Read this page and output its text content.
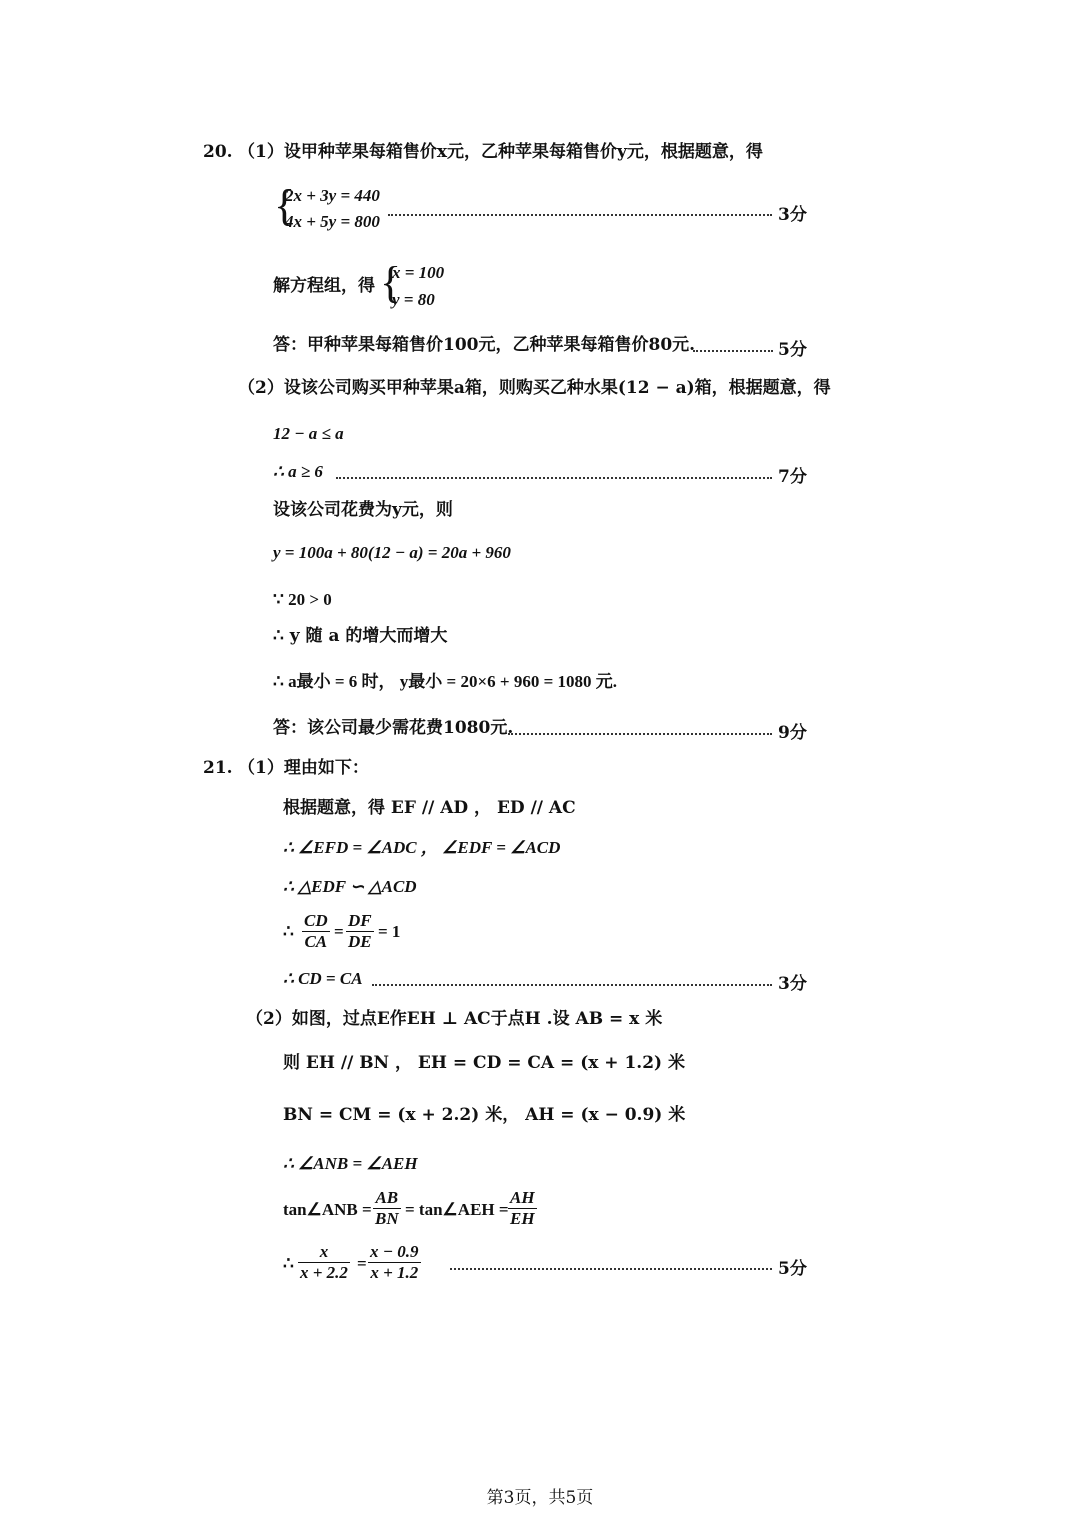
20. （1）设甲种苹果每箱售价x元，乙种苹果每箱售价y元，根据题意，得
{
2x + 3y = 440
4x + 5y = 800	3分
解方程组，得 {
x = 100
y = 80
答：甲种苹果每箱售价100元，乙种苹果每箱售价80元.	5分
（2）设该公司购买甲种苹果a箱，则购买乙种水果(12 − a)箱，根据题意，得
12 − a ≤ a
∴ a ≥ 6	7分
设该公司花费为y元，则
y = 100a + 80(12 − a) = 20a + 960
∵ 20 > 0
∴ y 随 a 的增大而增大
∴ a最小 = 6 时， y最小 = 20×6 + 960 = 1080 元.
答：该公司最少需花费1080元.	9分
21. （1）理由如下：
根据题意，得 EF // AD ， ED // AC
∴ ∠EFD = ∠ADC ， ∠EDF = ∠ACD
∴ △EDF ∽ △ACD
∴ $\frac{CD}{CA} = \frac{DF}{DE} = 1$
∴ CD = CA	3分
（2）如图，过点E作EH ⊥ AC于点H .设 AB = x 米
则 EH // BN ， EH = CD = CA = (x + 1.2) 米
BN = CM = (x + 2.2) 米， AH = (x − 0.9) 米
∴ ∠ANB = ∠AEH
tan∠ANB = $\frac{AB}{BN}$ = tan∠AEH = $\frac{AH}{EH}$
∴ $\frac{x}{x + 2.2} = \frac{x - 0.9}{x + 1.2}$	5分
第3页，共5页
